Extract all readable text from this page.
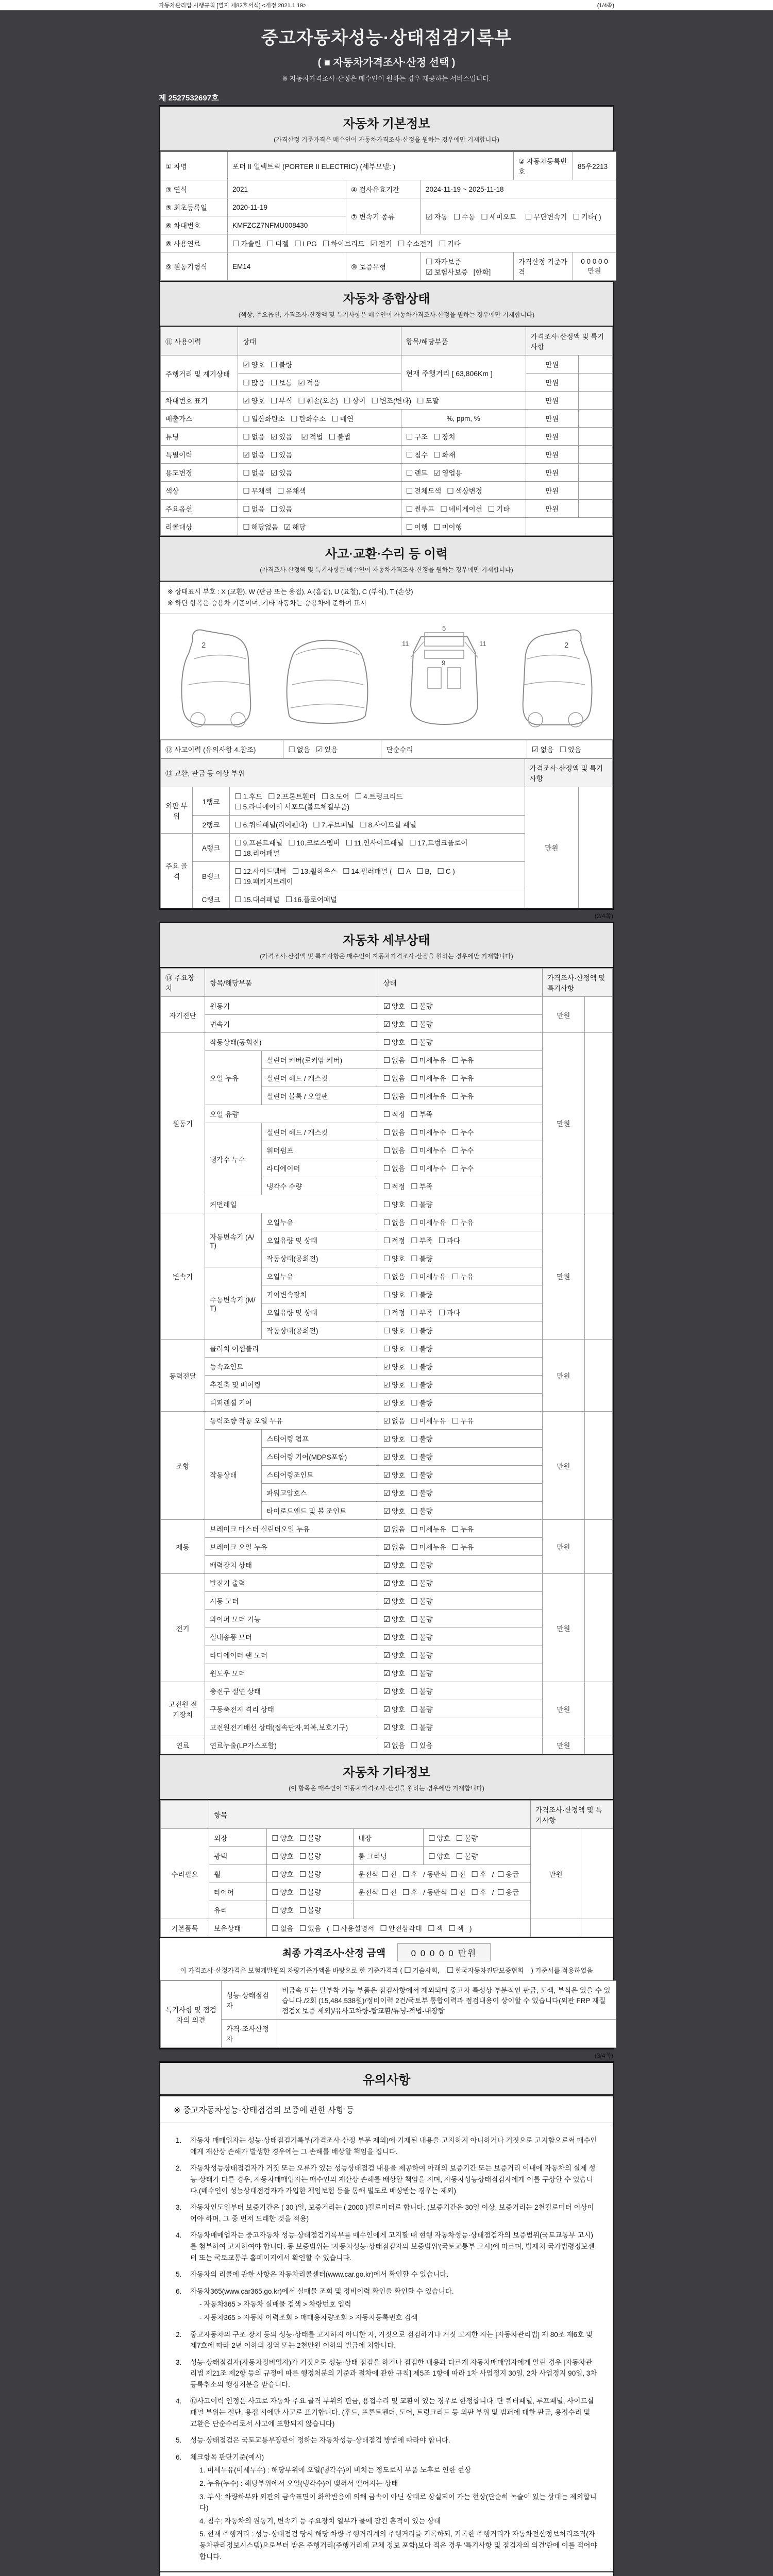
자동차관리법 시행규칙 [별지 제82호서식] <개정 2021.1.19>	(1/4쪽)
중고자동차성능·상태점검기록부
( ■ 자동차가격조사·산정 선택 )
※ 자동차가격조사·산정은 매수인이 원하는 경우 제공하는 서비스입니다.
제 2527532697호
자동차 기본정보
(가격산정 기준가격은 매수인이 자동차가격조사·산정을 원하는 경우에만 기재합니다)
① 차명	포터 II 일렉트릭 (PORTER II ELECTRIC) (세부모델: )			② 자동차등록번호	85우2213
③ 연식	2021	④ 검사유효기간	2024-11-19 ~ 2025-11-18		
⑤ 최초등록일	2020-11-19	⑦ 변속기 종류	☑ 자동 ☐ 수동 ☐ 세미오토 ☐ 무단변속기 ☐ 기타( )		
⑥ 차대번호	KMFZCZ7NFMU008430				
⑧ 사용연료	☐ 가솔린 ☐ 디젤 ☐ LPG ☐ 하이브리드 ☑ 전기 ☐ 수소전기 ☐ 기타				
⑨ 원동기형식	EM14	⑩ 보증유형	☐ 자가보증☑ 보험사보증 [한화]	가격산정 기준가격	0 0 0 0 0 만원
자동차 종합상태
(색상, 주요옵션, 가격조사·산정액 및 특기사항은 매수인이 자동차가격조사·산정을 원하는 경우에만 기재합니다)
⑪ 사용이력	상태	항목/해당부품	가격조사·산정액 및 특기사항	
주행거리 및 계기상태	☑ 양호 ☐ 불량	현재 주행거리 [ 63,806Km ]	만원	
	☐ 많음 ☐ 보통 ☑ 적음		만원	
차대번호 표기	☑ 양호 ☐ 부식 ☐ 훼손(오손) ☐ 상이 ☐ 변조(변타) ☐ 도말		만원	
배출가스	☐ 일산화탄소 ☐ 탄화수소 ☐ 매연	%, ppm, %	만원	
튜닝	☐ 없음 ☑ 있음 ☑ 적법 ☐ 불법	☐ 구조 ☐ 장치	만원	
특별이력	☑ 없음 ☐ 있음	☐ 침수 ☐ 화재	만원	
용도변경	☐ 없음 ☑ 있음	☐ 렌트 ☑ 영업용	만원	
색상	☐ 무채색 ☐ 유채색	☐ 전체도색 ☐ 색상변경	만원	
주요옵션	☐ 없음 ☐ 있음	☐ 썬루프 ☐ 네비게이션 ☐ 기타	만원	
리콜대상	☐ 해당없음 ☑ 해당	☐ 이행 ☐ 미이행		
사고·교환·수리 등 이력
(가격조사·산정액 및 특기사항은 매수인이 자동차가격조사·산정을 원하는 경우에만 기재합니다)
※ 상태표시 부호 : X (교환), W (판금 또는 용접), A (흠집), U (요철), C (부식), T (손상)
※ 하단 항목은 승용차 기준이며, 기타 자동차는 승용차에 준하여 표시
2
5
9
11	11	2
⑫ 사고이력 (유의사항 4.참조)	☐ 없음 ☑ 있음	단순수리	☑ 없음 ☐ 있음
⑬ 교환, 판금 등 이상 부위			가격조사·산정액 및 특기사항	
외판 부위	1랭크	☐ 1.후드 ☐ 2.프론트휀더 ☐ 3.도어 ☐ 4.트렁크리드☐ 5.라디에이터 서포트(볼트체결부품)	만원	
	2랭크	☐ 6.쿼터패널(리어휀다) ☐ 7.루브패널 ☐ 8.사이드실 패널		
주요 골격	A랭크	☐ 9.프론트패널 ☐ 10.크로스멤버 ☐ 11.인사이드패널 ☐ 17.트렁크플로어☐ 18.리어패널		
	B랭크	☐ 12.사이드멤버 ☐ 13.휠하우스 ☐ 14.필러패널 ( ☐ A ☐ B, ☐ C )☐ 19.패키지트레이		
	C랭크	☐ 15.대쉬패널 ☐ 16.플로어패널		
(2/4쪽)
자동차 세부상태
(가격조사·산정액 및 특기사항은 매수인이 자동차가격조사·산정을 원하는 경우에만 기재합니다)
⑭ 주요장치	항목/해당부품		상태	가격조사·산정액 및 특기사항	
자기진단	원동기		☑ 양호 ☐ 불량	만원	
	변속기		☑ 양호 ☐ 불량		
원동기	작동상태(공회전)		☐ 양호 ☐ 불량	만원	
	오일 누유	실린더 커버(로커암 커버)	☐ 없음 ☐ 미세누유 ☐ 누유		
		실린더 헤드 / 개스킷	☐ 없음 ☐ 미세누유 ☐ 누유		
		실린더 블록 / 오일팬	☐ 없음 ☐ 미세누유 ☐ 누유		
	오일 유량		☐ 적정 ☐ 부족		
	냉각수 누수	실린더 헤드 / 개스킷	☐ 없음 ☐ 미세누수 ☐ 누수		
		워터펌프	☐ 없음 ☐ 미세누수 ☐ 누수		
		라디에이터	☐ 없음 ☐ 미세누수 ☐ 누수		
		냉각수 수량	☐ 적정 ☐ 부족		
	커먼레일		☐ 양호 ☐ 불량		
변속기	자동변속기 (A/T)	오일누유	☐ 없음 ☐ 미세누유 ☐ 누유	만원	
		오일유량 및 상태	☐ 적정 ☐ 부족 ☐ 과다		
		작동상태(공회전)	☐ 양호 ☐ 불량		
	수동변속기 (M/T)	오일누유	☐ 없음 ☐ 미세누유 ☐ 누유		
		기어변속장치	☐ 양호 ☐ 불량		
		오일유량 및 상태	☐ 적정 ☐ 부족 ☐ 과다		
		작동상태(공회전)	☐ 양호 ☐ 불량		
동력전달	클러치 어셈블리		☐ 양호 ☐ 불량	만원	
	등속죠인트		☑ 양호 ☐ 불량		
	추진축 및 베어링		☑ 양호 ☐ 불량		
	디퍼렌셜 기어		☑ 양호 ☐ 불량		
조향	동력조향 작동 오일 누유		☑ 없음 ☐ 미세누유 ☐ 누유	만원	
	작동상태	스티어링 펌프	☑ 양호 ☐ 불량		
		스티어링 기어(MDPS포함)	☑ 양호 ☐ 불량		
		스티어링조인트	☑ 양호 ☐ 불량		
		파워고압호스	☑ 양호 ☐ 불량		
		타이로드엔드 및 볼 조인트	☑ 양호 ☐ 불량		
제동	브레이크 마스터 실린더오일 누유		☑ 없음 ☐ 미세누유 ☐ 누유	만원	
	브레이크 오일 누유		☑ 없음 ☐ 미세누유 ☐ 누유		
	배력장치 상태		☑ 양호 ☐ 불량		
전기	발전기 출력		☑ 양호 ☐ 불량	만원	
	시동 모터		☑ 양호 ☐ 불량		
	와이퍼 모터 기능		☑ 양호 ☐ 불량		
	실내송풍 모터		☑ 양호 ☐ 불량		
	라디에이터 팬 모터		☑ 양호 ☐ 불량		
	윈도우 모터		☑ 양호 ☐ 불량		
고전원 전기장치	충전구 절연 상태		☑ 양호 ☐ 불량	만원	
	구동축전지 격리 상태		☑ 양호 ☐ 불량		
	고전원전기배선 상태(접속단자,피복,보호기구)		☑ 양호 ☐ 불량		
연료	연료누출(LP가스포함)		☑ 없음 ☐ 있음	만원	
자동차 기타정보
(이 항목은 매수인이 자동차가격조사·산정을 원하는 경우에만 기재합니다)
	항목				가격조사·산정액 및 특기사항	
수리필요	외장	☐ 양호 ☐ 불량	내장	☐ 양호 ☐ 불량	만원	
	광택	☐ 양호 ☐ 불량	룸 크리닝	☐ 양호 ☐ 불량		
	휠	☐ 양호 ☐ 불량	운전석 ☐ 전 ☐ 후 / 동반석 ☐ 전 ☐ 후 / ☐ 응급			
	타이어	☐ 양호 ☐ 불량	운전석 ☐ 전 ☐ 후 / 동반석 ☐ 전 ☐ 후 / ☐ 응급			
	유리	☐ 양호 ☐ 불량				
기본품목	보유상태	☐ 없음 ☐ 있음 ( ☐ 사용설명서 ☐ 안전삼각대 ☐ 잭 ☐ 잭 )				
최종 가격조사·산정 금액	0 0 0 0 0 만원
이 가격조사·산정가격은 보험개발원의 차량기준가액을 바탕으로 한 기준가격과 ( ☐ 기술사회, ☐ 한국자동차진단보증협회 ) 기준서를 적용하였음
특기사항 및 점검자의 의견	성능·상태점검자	비금속 또는 탈부착 가능 부품은 점검사항에서 제외되며 중고차 특성상 부분적인 판금, 도색, 부식은 있을 수 있습니다./2회 (15,484,538원)/정비이력 2건/국토부 통합이력과 점검내용이 상이할 수 있습니다(외판 FRP 재질 점검X 보증 제외)/유사고차량-탑교환/튜닝-적법-내장탑
	가격·조사산정자	
(3/4쪽)
유의사항
※ 중고자동차성능·상태점검의 보증에 관한 사항 등
1.	자동차 매매업자는 성능·상태점검기록부(가격조사·산정 부분 제외)에 기재된 내용을 고지하지 아니하거나 거짓으로 고지함으로써 매수인에게 재산상 손해가 발생한 경우에는 그 손해를 배상할 책임을 집니다.
2.	자동차성능상태점검자가 거짓 또는 오류가 있는 성능상태점검 내용을 제공하여 아래의 보증기간 또는 보증거리 이내에 자동차의 실제 성능·상태가 다른 경우, 자동차매매업자는 매수인의 재산상 손해를 배상할 책임을 지며, 자동차성능상태점검자에게 이를 구상할 수 있습니다.(매수인이 성능상태점검자가 가입한 책임보험 등을 통해 별도로 배상받는 경우는 제외)
3.	자동차인도일부터 보증기간은 ( 30 )일, 보증거리는 ( 2000 )킬로미터로 합니다. (보증기간은 30일 이상, 보증거리는 2천킬로미터 이상이어야 하며, 그 중 먼저 도래한 것을 적용)
4.	자동차매매업자는 중고자동차 성능·상태점검기록부를 매수인에게 고지할 때 현행 자동차성능·상태점검자의 보증범위(국토교통부 고시)를 첨부하여 고지하여야 합니다. 동 보증범위는 '자동차성능·상태점검자의 보증범위'(국토교통부 고시)에 따르며, 법제처 국가법령정보센터 또는 국토교통부 홈페이지에서 확인할 수 있습니다.
5.	자동차의 리콜에 관한 사항은 자동차리콜센터(www.car.go.kr)에서 확인할 수 있습니다.
6.	자동차365(www.car365.go.kr)에서 실매물 조회 및 정비이력 확인을 확인할 수 있습니다.
- 자동차365 > 자동차 실매물 검색 > 차량번호 입력
- 자동차365 > 자동차 이력조회 > 매매용차량조회 > 자동차등록번호 검색
2.	중고자동차의 구조·장치 등의 성능·상태를 고지하지 아니한 자, 거짓으로 점검하거나 거짓 고지한 자는 [자동차관리법] 제 80조 제6호 및 제7호에 따라 2년 이하의 징역 또는 2천만원 이하의 벌금에 처합니다.
3.	성능·상태점검자(자동차정비업자)가 거짓으로 성능·상태 점검을 하거나 점검한 내용과 다르게 자동차매매업자에게 알린 경우 [자동차관리법 제21조 제2항 등의 규정에 따른 행정처분의 기준과 절차에 관한 규칙] 제5조 1항에 따라 1차 사업정지 30일, 2차 사업정지 90일, 3차 등록취소의 행정처분을 받습니다.
4.	⑫사고이력 인정은 사고로 자동차 주요 골격 부위의 판금, 용접수리 및 교환이 있는 경우로 한정합니다. 단 쿼터패널, 루프패널, 사이드실패널 부위는 절단, 용접 시에만 사고로 표기합니다. (후드, 프론트펜더, 도어, 트렁크리드 등 외판 부위 및 범퍼에 대한 판금, 용접수리 및 교환은 단순수리로서 사고에 포함되지 않습니다)
5.	성능·상태점검은 국토교통부장관이 정하는 자동차성능·상태점검 방법에 따라야 합니다.
6.	체크항목 판단기준(예시)
1. 미세누유(미세누수) : 해당부위에 오일(냉각수)이 비치는 정도로서 부품 노후로 인한 현상
2. 누유(누수) : 해당부위에서 오일(냉각수)이 맺혀서 떨어지는 상태
3. 부식: 차량하부와 외판의 금속표면이 화학반응에 의해 금속이 아닌 상태로 상실되어 가는 현상(단순히 녹슬어 있는 상태는 제외합니다)
4. 침수: 자동차의 원동기, 변속기 등 주요장치 일부가 물에 잠긴 흔적이 있는 상태
5. 현재 주행거리 : 성능·상태점검 당시 해당 차량 주행거리계의 주행거리를 기록하되, 기록한 주행거리가 자동차전산정보처리조직(자동차관리정보시스템)으로부터 받은 주행거리(주행거리계 교체 정보 포함)보다 적은 경우 '특기사항 및 점검자의 의견'란에 이를 적어야 합니다.
